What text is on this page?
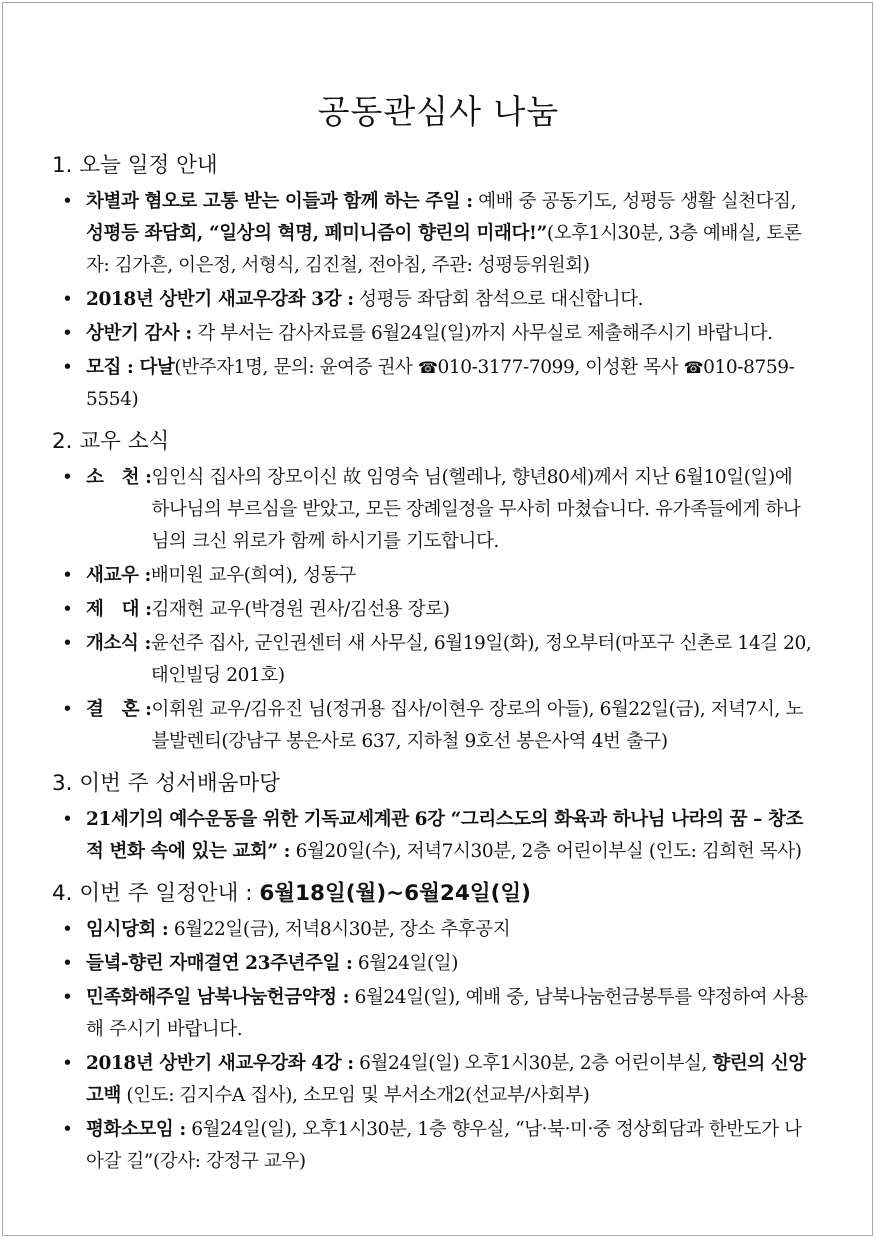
공동관심사 나눔
1. 오늘 일정 안내
• 차별과 혐오로 고통 받는 이들과 함께 하는 주일 : 예배 중 공동기도, 성평등 생활 실천다짐, 성평등 좌담회, “일상의 혁명, 페미니즘이 향린의 미래다!”(오후1시30분, 3층 예배실, 토론자: 김가흔, 이은정, 서형식, 김진철, 전아침, 주관: 성평등위원회)
• 2018년 상반기 새교우강좌 3강 : 성평등 좌담회 참석으로 대신합니다.
• 상반기 감사 : 각 부서는 감사자료를 6월24일(일)까지 사무실로 제출해주시기 바랍니다.
• 모집 : 다날(반주자1명, 문의: 윤여증 권사 ☎010-3177-7099, 이성환 목사 ☎010-8759-5554)
2. 교우 소식
• 소   천 : 임인식 집사의 장모이신 故 임영숙 님(헬레나, 향년80세)께서 지난 6월10일(일)에 하나님의 부르심을 받았고, 모든 장례일정을 무사히 마쳤습니다. 유가족들에게 하나님의 크신 위로가 함께 하시기를 기도합니다.
• 새교우 : 배미원 교우(희여), 성동구
• 제   대 : 김재현 교우(박경원 권사/김선용 장로)
• 개소식 : 윤선주 집사, 군인권센터 새 사무실, 6월19일(화), 정오부터(마포구 신촌로 14길 20, 태인빌딩 201호)
• 결   혼 : 이휘원 교우/김유진 님(정귀용 집사/이현우 장로의 아들), 6월22일(금), 저녁7시, 노블발렌티(강남구 봉은사로 637, 지하철 9호선 봉은사역 4번 출구)
3. 이번 주 성서배움마당
• 21세기의 예수운동을 위한 기독교세계관 6강 “그리스도의 화육과 하나님 나라의 꿈 – 창조적 변화 속에 있는 교회” : 6월20일(수), 저녁7시30분, 2층 어린이부실 (인도: 김희헌 목사)
4. 이번 주 일정안내 : 6월18일(월)~6월24일(일)
• 임시당회 : 6월22일(금), 저녁8시30분, 장소 추후공지
• 들녘-향린 자매결연 23주년주일 : 6월24일(일)
• 민족화해주일 남북나눔헌금약정 : 6월24일(일), 예배 중, 남북나눔헌금봉투를 약정하여 사용해 주시기 바랍니다.
• 2018년 상반기 새교우강좌 4강 : 6월24일(일) 오후1시30분, 2층 어린이부실, 향린의 신앙고백 (인도: 김지수A 집사), 소모임 및 부서소개2(선교부/사회부)
• 평화소모임 : 6월24일(일), 오후1시30분, 1층 향우실, “남·북·미·중 정상회담과 한반도가 나아갈 길”(강사: 강정구 교우)
